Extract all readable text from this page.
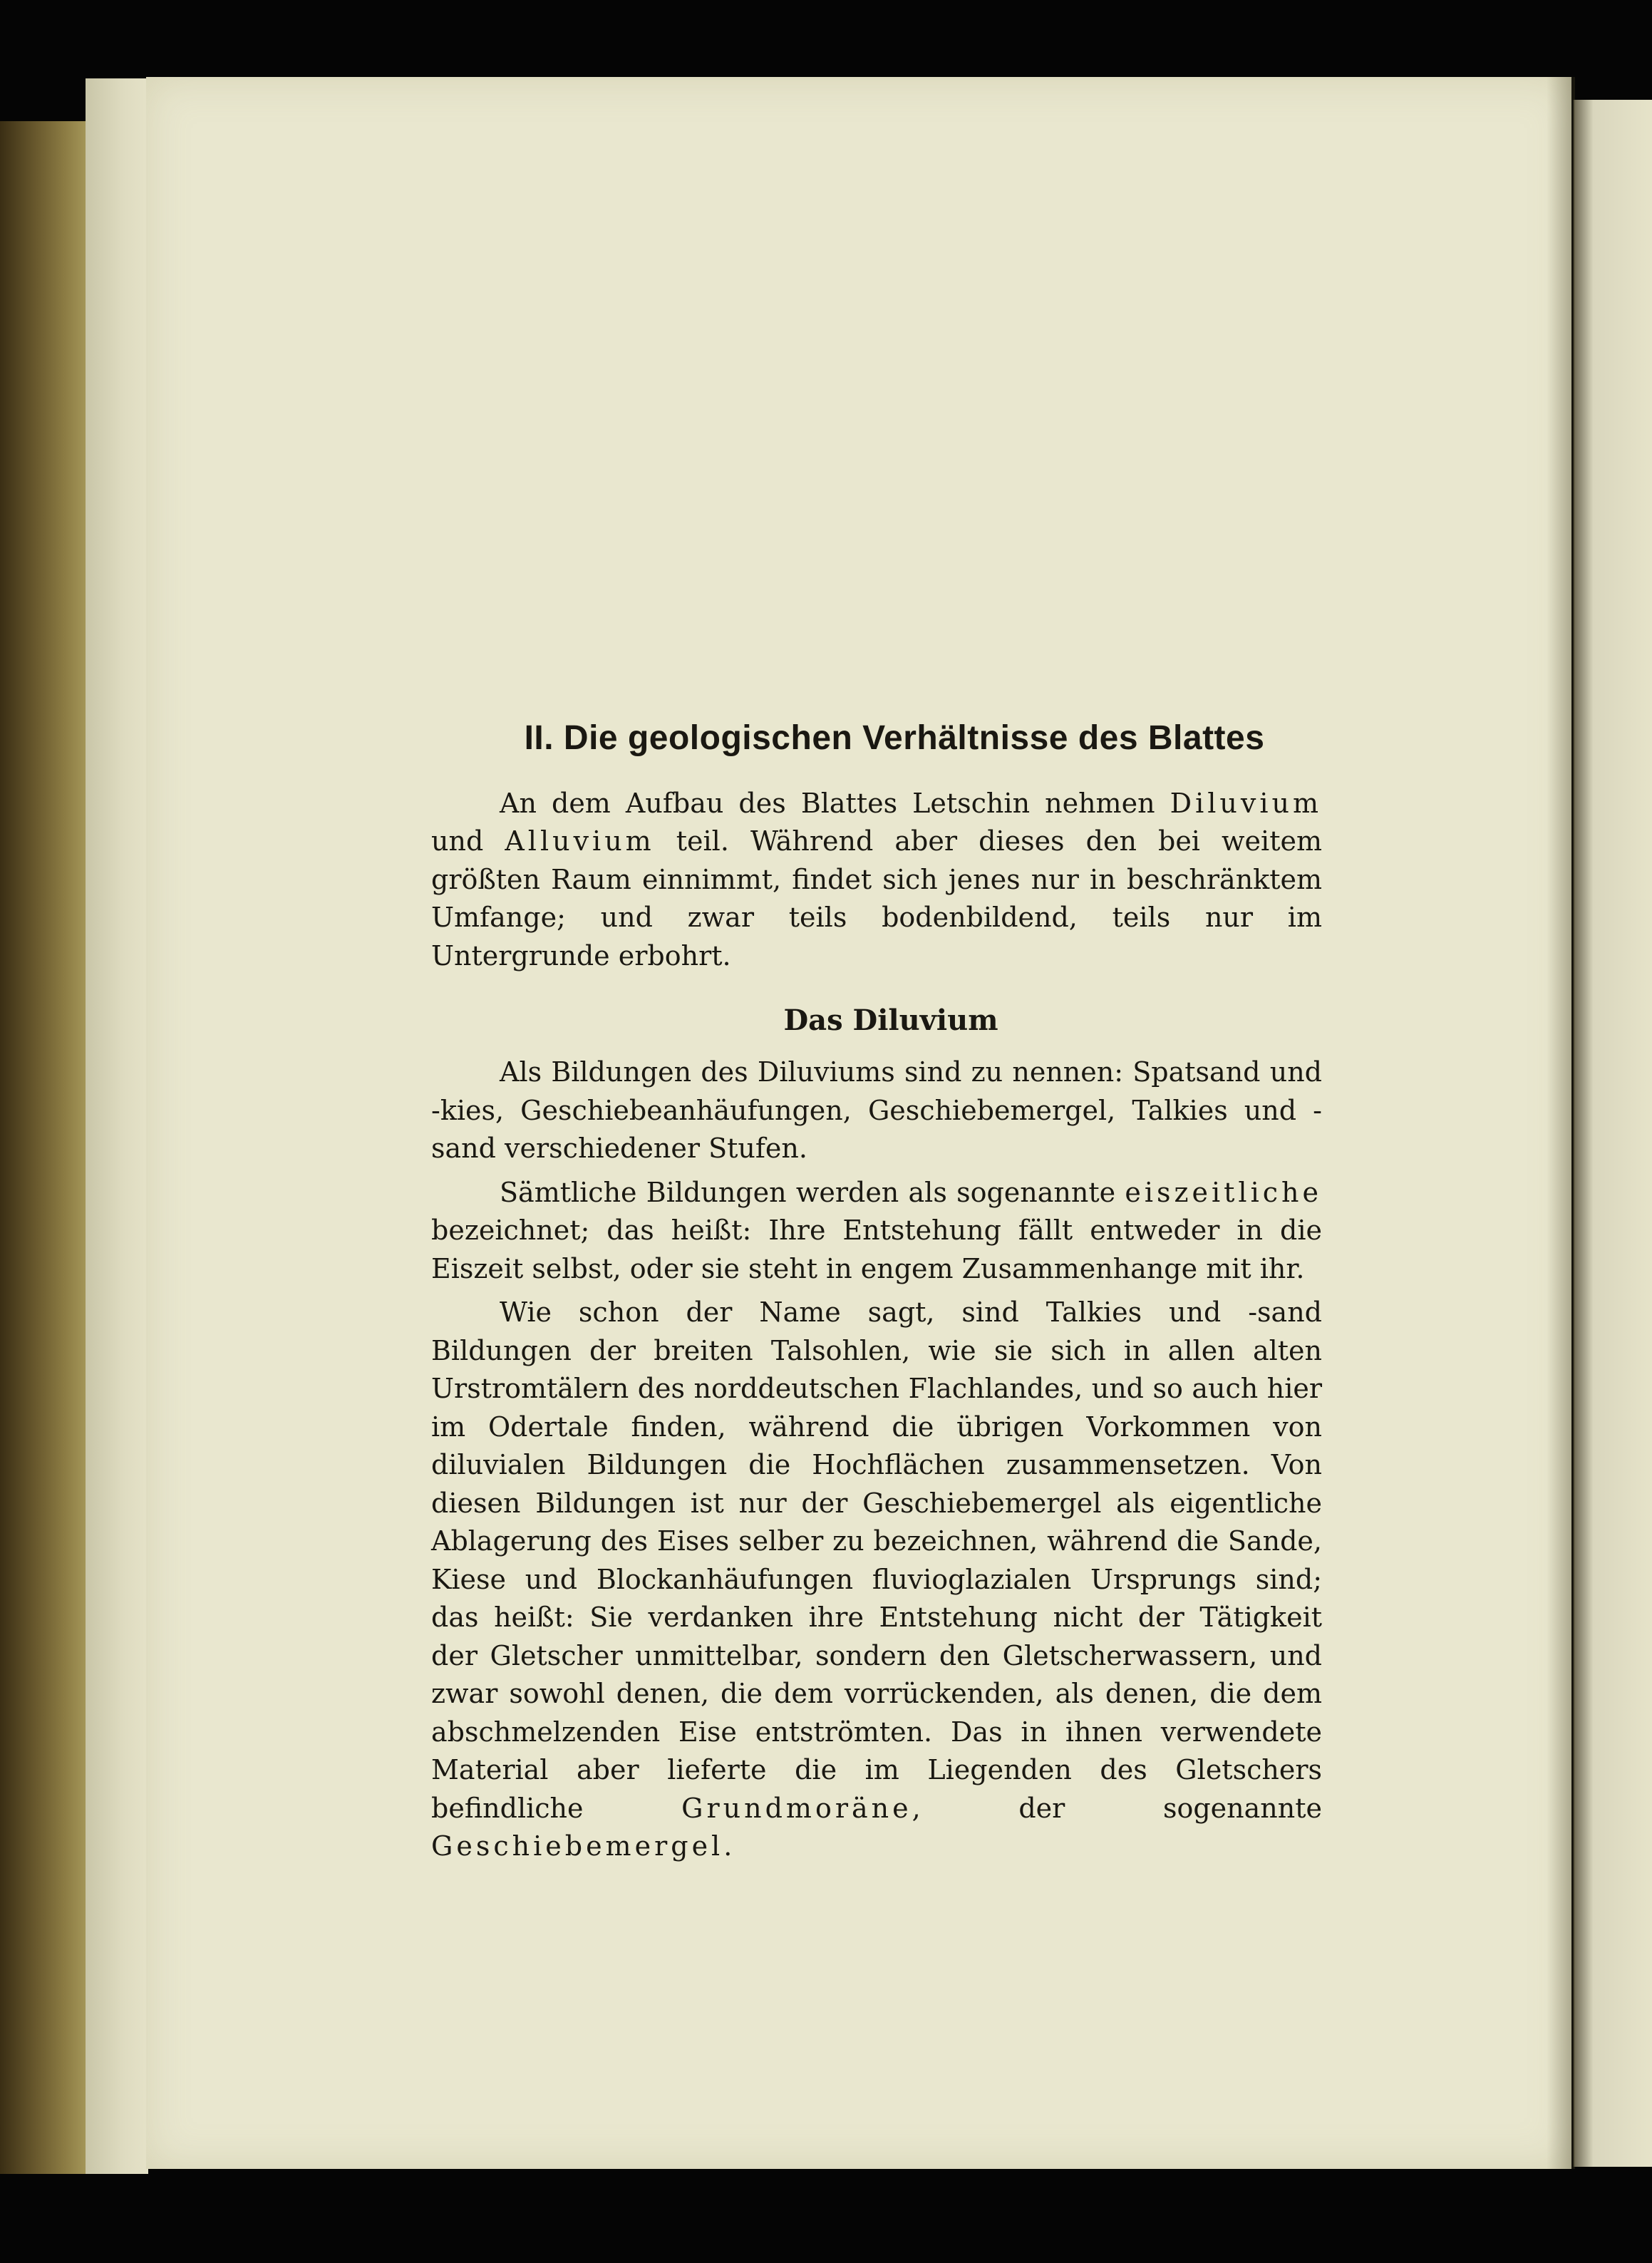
II. Die geologischen Verhältnisse des Blattes

An dem Aufbau des Blattes Letschin nehmen Diluvium und Alluvium teil. Während aber dieses den bei weitem größten Raum einnimmt, findet sich jenes nur in beschränktem Umfange; und zwar teils bodenbildend, teils nur im Untergrunde erbohrt.

Das Diluvium

Als Bildungen des Diluviums sind zu nennen: Spatsand und -kies, Geschiebeanhäufungen, Geschiebemergel, Talkies und -sand verschiedener Stufen.

Sämtliche Bildungen werden als sogenannte eiszeitliche bezeichnet; das heißt: Ihre Entstehung fällt entweder in die Eiszeit selbst, oder sie steht in engem Zusammenhange mit ihr.

Wie schon der Name sagt, sind Talkies und -sand Bildungen der breiten Talsohlen, wie sie sich in allen alten Urstromtälern des norddeutschen Flachlandes, und so auch hier im Odertale finden, während die übrigen Vorkommen von diluvialen Bildungen die Hochflächen zusammensetzen. Von diesen Bildungen ist nur der Geschiebemergel als eigentliche Ablagerung des Eises selber zu bezeichnen, während die Sande, Kiese und Blockanhäufungen fluvioglazialen Ursprungs sind; das heißt: Sie verdanken ihre Entstehung nicht der Tätigkeit der Gletscher unmittelbar, sondern den Gletscherwassern, und zwar sowohl denen, die dem vorrückenden, als denen, die dem abschmelzenden Eise entströmten. Das in ihnen verwendete Material aber lieferte die im Liegenden des Gletschers befindliche Grundmoräne, der sogenannte Geschiebemergel.
